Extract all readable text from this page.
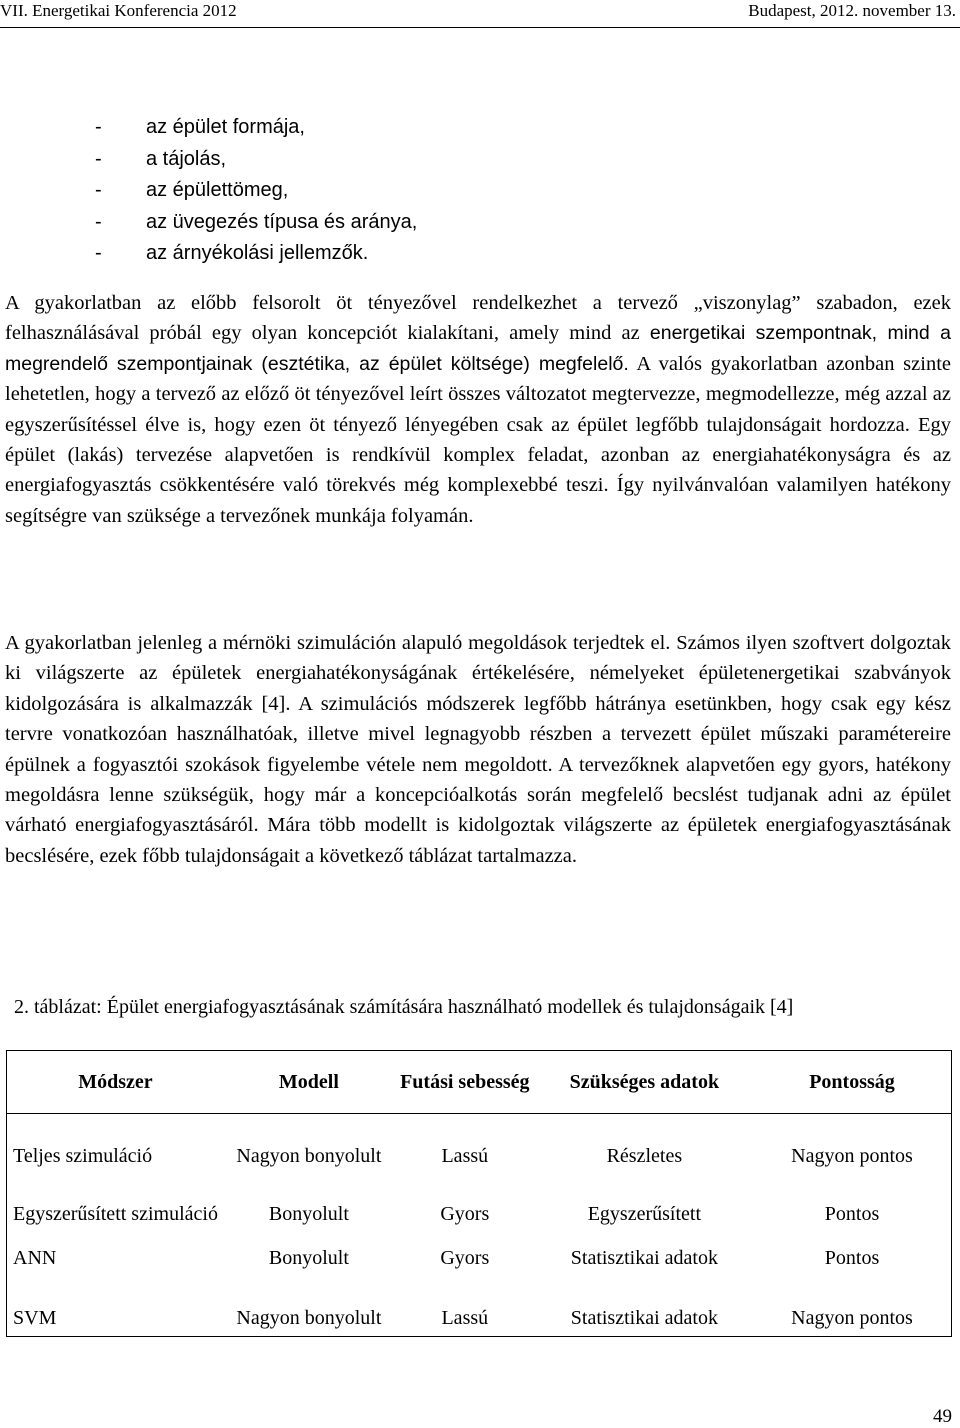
VII. Energetikai Konferencia 2012	Budapest, 2012. november 13.
- az épület formája,
- a tájolás,
- az épülettömeg,
- az üvegezés típusa és aránya,
- az árnyékolási jellemzők.

A gyakorlatban az előbb felsorolt öt tényezővel rendelkezhet a tervező „viszonylag” szabadon, ezek felhasználásával próbál egy olyan koncepciót kialakítani, amely mind az energetikai szempontnak, mind a megrendelő szempontjainak (esztétika, az épület költsége) megfelelő. A valós gyakorlatban azonban szinte lehetetlen, hogy a tervező az előző öt tényezővel leírt összes változatot megtervezze, megmodellezze, még azzal az egyszerűsítéssel élve is, hogy ezen öt tényező lényegében csak az épület legfőbb tulajdonságait hordozza. Egy épület (lakás) tervezése alapvetően is rendkívül komplex feladat, azonban az energiahatékonyságra és az energiafogyasztás csökkentésére való törekvés még komplexebbé teszi. Így nyilvánvalóan valamilyen hatékony segítségre van szüksége a tervezőnek munkája folyamán.

A gyakorlatban jelenleg a mérnöki szimuláción alapuló megoldások terjedtek el. Számos ilyen szoftvert dolgoztak ki világszerte az épületek energiahatékonyságának értékelésére, némelyeket épületenergetikai szabványok kidolgozására is alkalmazzák [4]. A szimulációs módszerek legfőbb hátránya esetünkben, hogy csak egy kész tervre vonatkozóan használhatóak, illetve mivel legnagyobb részben a tervezett épület műszaki paramétereire épülnek a fogyasztói szokások figyelembe vétele nem megoldott. A tervezőknek alapvetően egy gyors, hatékony megoldásra lenne szükségük, hogy már a koncepcióalkotás során megfelelő becslést tudjanak adni az épület várható energiafogyasztásáról. Mára több modellt is kidolgoztak világszerte az épületek energiafogyasztásának becslésére, ezek főbb tulajdonságait a következő táblázat tartalmazza.

2. táblázat: Épület energiafogyasztásának számítására használható modellek és tulajdonságaik [4]
Módszer	Modell	Futási sebesség	Szükséges adatok	Pontosság
Teljes szimuláció	Nagyon bonyolult	Lassú	Részletes	Nagyon pontos
Egyszerűsített szimuláció	Bonyolult	Gyors	Egyszerűsített	Pontos
ANN	Bonyolult	Gyors	Statisztikai adatok	Pontos
SVM	Nagyon bonyolult	Lassú	Statisztikai adatok	Nagyon pontos
49
